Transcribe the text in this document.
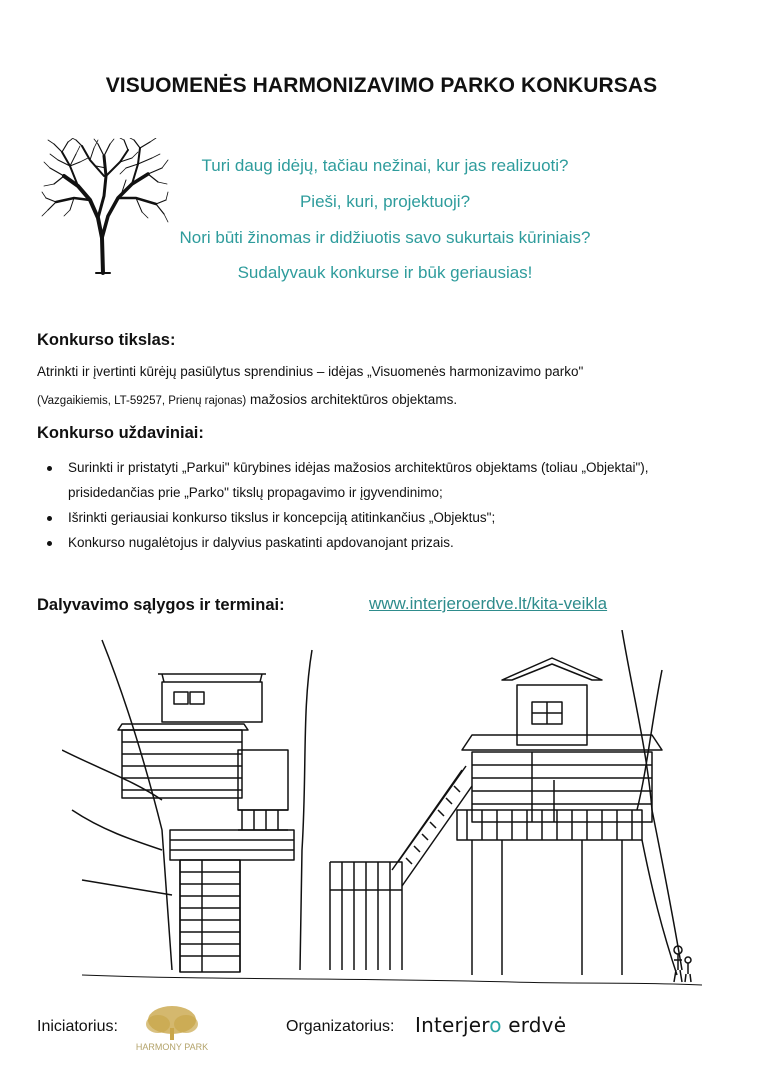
VISUOMENĖS HARMONIZAVIMO PARKO KONKURSAS
Turi daug idėjų, tačiau nežinai, kur jas realizuoti?
Pieši, kuri, projektuoji?
Nori būti žinomas ir didžiuotis savo sukurtais kūriniais?
Sudalyvauk konkurse ir būk geriausias!
Konkurso tikslas:
Atrinkti ir įvertinti kūrėjų pasiūlytus sprendinius – idėjas „Visuomenės harmonizavimo parko"
(Vazgaikiemis, LT-59257, Prienų rajonas) mažosios architektūros objektams.
Konkurso uždaviniai:
Surinkti ir pristatyti „Parkui" kūrybines idėjas mažosios architektūros objektams (toliau „Objektai"), prisidedančias prie „Parko" tikslų propagavimo ir įgyvendinimo;
Išrinkti geriausiai konkurso tikslus ir koncepciją atitinkančius „Objektus";
Konkurso nugalėtojus ir dalyvius paskatinti apdovanojant prizais.
Dalyvavimo sąlygos ir terminai:	www.interjeroerdve.lt/kita-veikla
Iniciatorius:
HARMONY PARK
Organizatorius: Interjero erdvė
